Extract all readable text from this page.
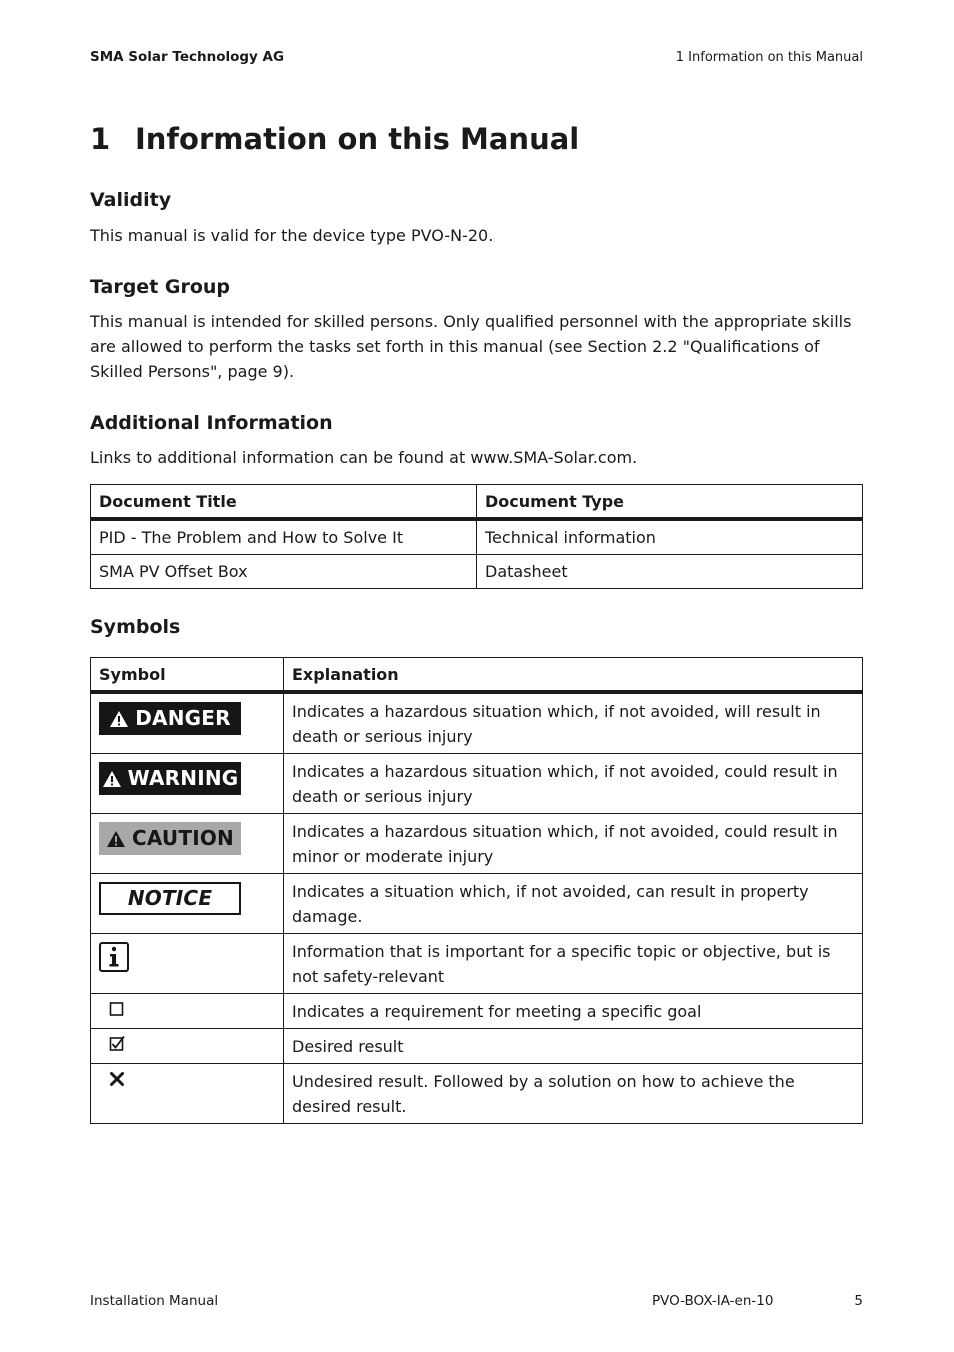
SMA Solar Technology AG	1 Information on this Manual
1 Information on this Manual
Validity

This manual is valid for the device type PVO-N-20.

Target Group

This manual is intended for skilled persons. Only qualified personnel with the appropriate skills are allowed to perform the tasks set forth in this manual (see Section 2.2 "Qualifications of Skilled Persons", page 9).

Additional Information

Links to additional information can be found at www.SMA-Solar.com.

Document Title	Document Type
PID - The Problem and How to Solve It	Technical information
SMA PV Offset Box	Datasheet
Symbols
Symbol	Explanation

DANGER	Indicates a hazardous situation which, if not avoided, will result in death or serious injury

WARNING	Indicates a hazardous situation which, if not avoided, could result in death or serious injury

CAUTION	Indicates a hazardous situation which, if not avoided, could result in minor or moderate injury

NOTICE	Indicates a situation which, if not avoided, can result in property damage.

	Information that is important for a specific topic or objective, but is not safety-relevant
	Indicates a requirement for meeting a specific goal
	Desired result
	Undesired result. Followed by a solution on how to achieve the desired result.
Installation Manual	PVO-BOX-IA-en-10	5
